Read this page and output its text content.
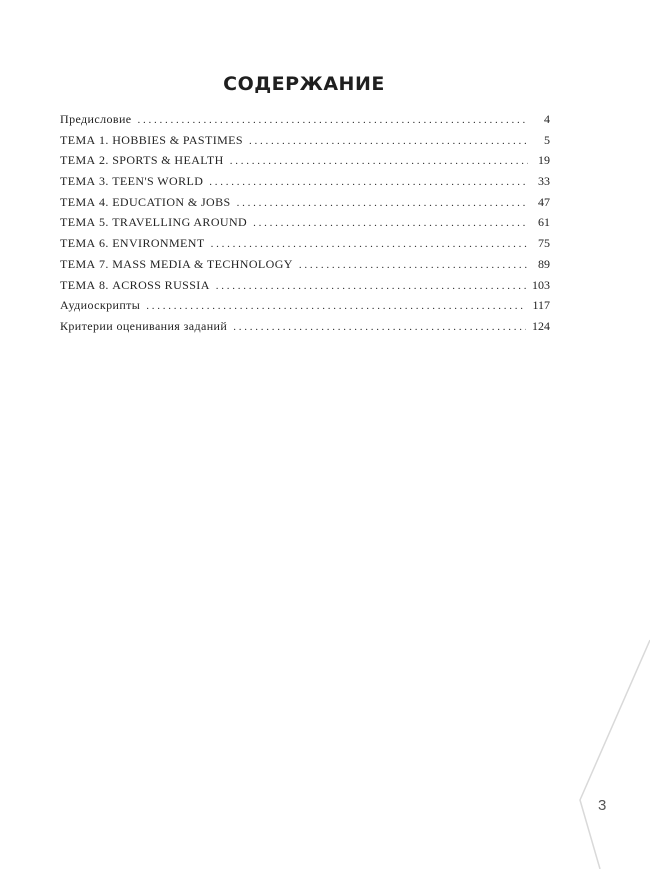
СОДЕРЖАНИЕ
Предисловие . . .	4
ТЕМА 1. HOBBIES & PASTIMES . . .	5
ТЕМА 2. SPORTS & HEALTH . . .	19
ТЕМА 3. TEEN'S WORLD . . .	33
ТЕМА 4. EDUCATION & JOBS . . .	47
ТЕМА 5. TRAVELLING AROUND . . .	61
ТЕМА 6. ENVIRONMENT . . .	75
ТЕМА 7. MASS MEDIA & TECHNOLOGY . . .	89
ТЕМА 8. ACROSS RUSSIA . . .	103
Аудиоскрипты . . .	117
Критерии оценивания заданий . . .	124
3
